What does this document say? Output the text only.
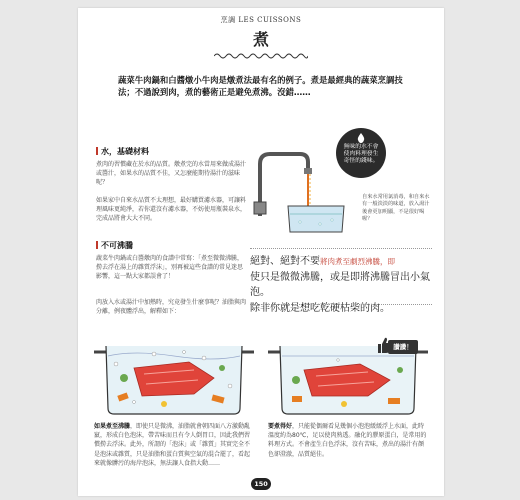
烹調 LES CUISSONS
煮
蔬菜牛肉鍋和白醬燉小牛肉是燉煮法最有名的例子。煮是最經典的蔬菜烹調技法；不過說到肉，煮的藝術正是避免煮沸。沒錯……
水，基礎材料
煮肉的習慣藏在於水的品質。燉煮完的水當用來做成湯汁或醬汁，如果水的品質不佳，又怎麼能期待湯汁的滋味呢？
如果家中自來水品質不太理想，最好購買濾水器，可讓料理風味更純淨，若你還沒有濾水器，不妨使用瓶裝泉水，完成品將會大大不同。
無味的水不會使肉料理發生奇怪的錢味。
自來水常用氯消毒，和自來水有一般淡淡的味道，放入湯汁後會更加明顯，不是很好喝喔？
不可沸騰
蔬菜牛肉鍋或白醬燉肉的食譜中常寫：「煮至微微沸騰，撈去浮在湯上的雜質浮沫」，別再被這些食譜的常見迷思影響，這一點大家都誤會了！
肉放入水或湯汁中加熱時，究竟發生什麼事呢？油脂與肉分離，例夜體浮出，解釋如下：
絕對、絕對不要將肉煮至劇烈沸騰，即
使只是微微沸騰，或是即將沸騰冒出小氣泡。
除非你就是想吃乾硬枯柴的肉。
讚讚！
如果煮至沸騰，即使只是微沸，油脂就會朝四面八方激動亂竄，形成白色泡沫，帶苦味而且有令人倒胃口，因此我們習慣撈去浮沫。此外，所謂的「泡沫」或「雜質」其實完全不是泡沫或雜質，只是油脂和蛋白質與空氣的混合罷了，看起來就像髒污的海岸泡沫，無法讓人食指大動……
要煮得好，只能從偶爾看見幾個小泡泡緩緩浮上水面，此時溫度約為80℃，足以使肉熟透。融化的膠原蛋白，是常用的料理方式。不會產生白色浮沫，沒有苦味，煮出的湯汁有顏色卻澄澈，品質絕佳。
150
